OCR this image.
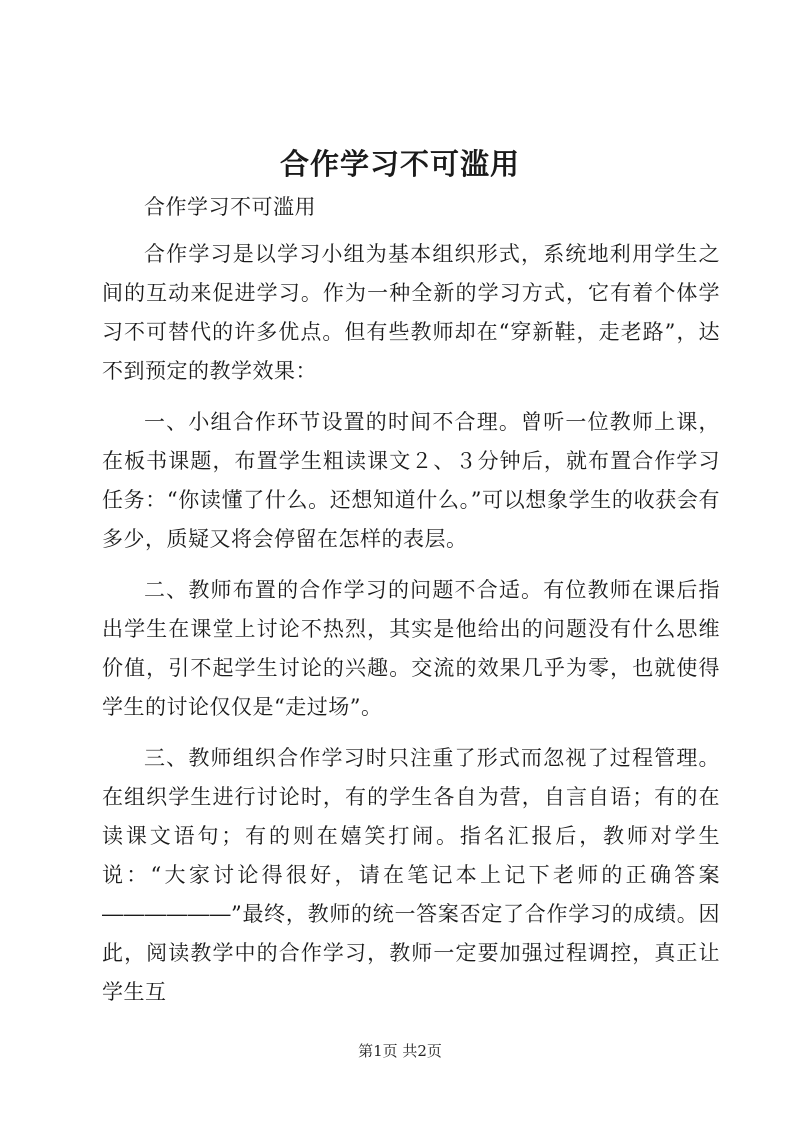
合作学习不可滥用

合作学习不可滥用

合作学习是以学习小组为基本组织形式，系统地利用学生之间的互动来促进学习。作为一种全新的学习方式，它有着个体学习不可替代的许多优点。但有些教师却在“穿新鞋，走老路”，达不到预定的教学效果：

一、小组合作环节设置的时间不合理。曾听一位教师上课，在板书课题，布置学生粗读课文２、３分钟后，就布置合作学习任务：“你读懂了什么。还想知道什么。”可以想象学生的收获会有多少，质疑又将会停留在怎样的表层。

二、教师布置的合作学习的问题不合适。有位教师在课后指出学生在课堂上讨论不热烈，其实是他给出的问题没有什么思维价值，引不起学生讨论的兴趣。交流的效果几乎为零，也就使得学生的讨论仅仅是“走过场”。

三、教师组织合作学习时只注重了形式而忽视了过程管理。在组织学生进行讨论时，有的学生各自为营，自言自语；有的在读课文语句；有的则在嬉笑打闹。指名汇报后，教师对学生说：“大家讨论得很好，请在笔记本上记下老师的正确答案――――――”最终，教师的统一答案否定了合作学习的成绩。因此，阅读教学中的合作学习，教师一定要加强过程调控，真正让学生互

第1页 共2页
